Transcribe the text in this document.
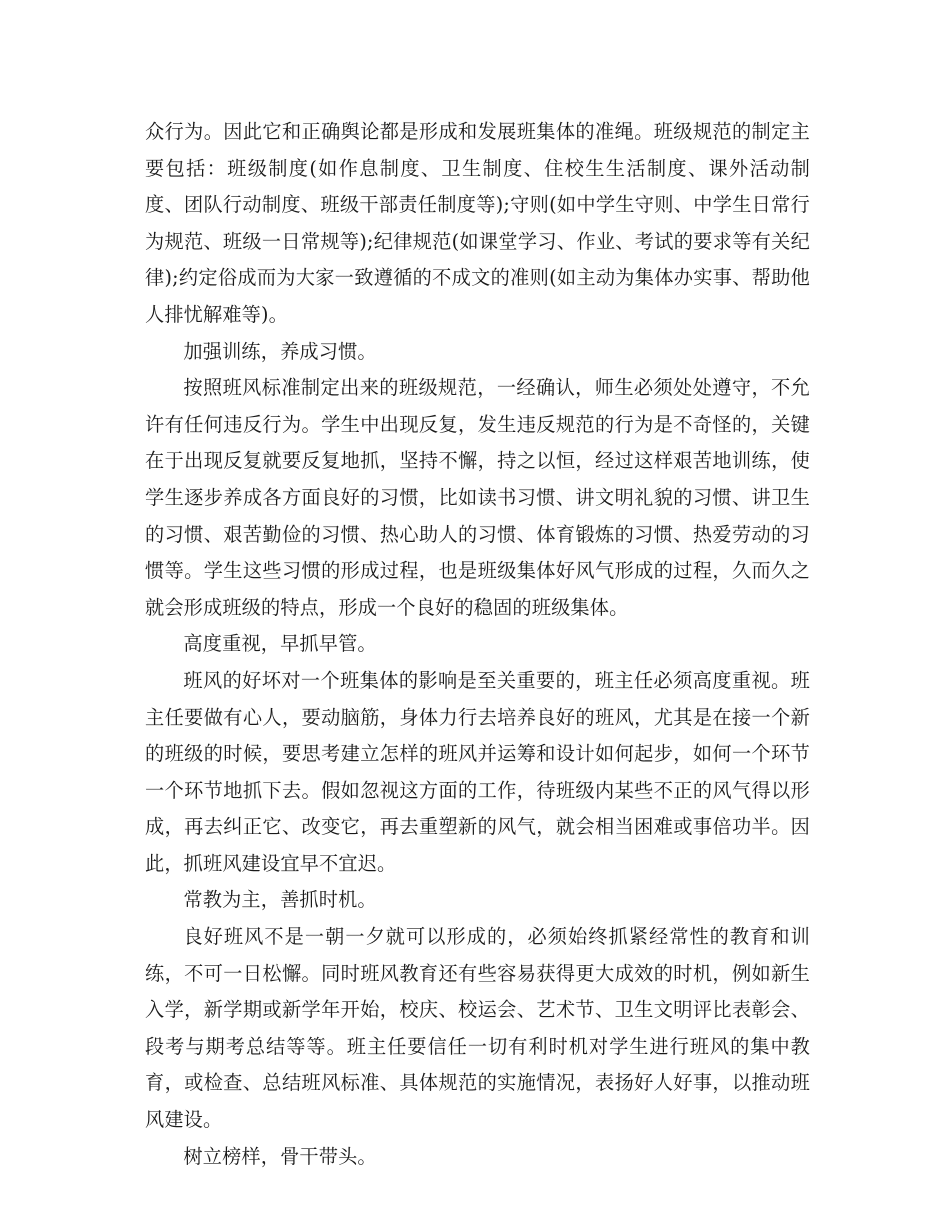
众行为。因此它和正确舆论都是形成和发展班集体的准绳。班级规范的制定主要包括：班级制度(如作息制度、卫生制度、住校生生活制度、课外活动制度、团队行动制度、班级干部责任制度等);守则(如中学生守则、中学生日常行为规范、班级一日常规等);纪律规范(如课堂学习、作业、考试的要求等有关纪律);约定俗成而为大家一致遵循的不成文的准则(如主动为集体办实事、帮助他人排忧解难等)。

加强训练，养成习惯。

按照班风标准制定出来的班级规范，一经确认，师生必须处处遵守，不允许有任何违反行为。学生中出现反复，发生违反规范的行为是不奇怪的，关键在于出现反复就要反复地抓，坚持不懈，持之以恒，经过这样艰苦地训练，使学生逐步养成各方面良好的习惯，比如读书习惯、讲文明礼貌的习惯、讲卫生的习惯、艰苦勤俭的习惯、热心助人的习惯、体育锻炼的习惯、热爱劳动的习惯等。学生这些习惯的形成过程，也是班级集体好风气形成的过程，久而久之就会形成班级的特点，形成一个良好的稳固的班级集体。

高度重视，早抓早管。

班风的好坏对一个班集体的影响是至关重要的，班主任必须高度重视。班主任要做有心人，要动脑筋，身体力行去培养良好的班风，尤其是在接一个新的班级的时候，要思考建立怎样的班风并运筹和设计如何起步，如何一个环节一个环节地抓下去。假如忽视这方面的工作，待班级内某些不正的风气得以形成，再去纠正它、改变它，再去重塑新的风气，就会相当困难或事倍功半。因此，抓班风建设宜早不宜迟。

常教为主，善抓时机。

良好班风不是一朝一夕就可以形成的，必须始终抓紧经常性的教育和训练，不可一日松懈。同时班风教育还有些容易获得更大成效的时机，例如新生入学，新学期或新学年开始，校庆、校运会、艺术节、卫生文明评比表彰会、段考与期考总结等等。班主任要信任一切有利时机对学生进行班风的集中教育，或检查、总结班风标准、具体规范的实施情况，表扬好人好事，以推动班风建设。

树立榜样，骨干带头。
